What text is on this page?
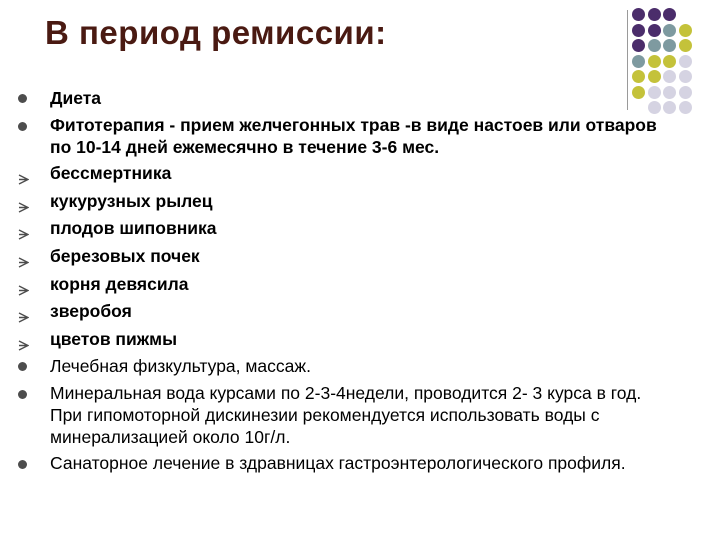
В период ремиссии:
Диета
Фитотерапия - прием желчегонных трав -в виде настоев или отваров по 10-14 дней ежемесячно в течение 3-6 мес.
бессмертника
кукурузных рылец
плодов шиповника
березовых почек
корня девясила
зверобоя
цветов пижмы
Лечебная физкультура, массаж.
Минеральная вода курсами по 2-3-4недели, проводится 2- 3 курса в год. При гипомоторной дискинезии рекомендуется использовать воды с минерализацией около 10г/л.
Санаторное лечение в здравницах гастроэнтерологического профиля.
